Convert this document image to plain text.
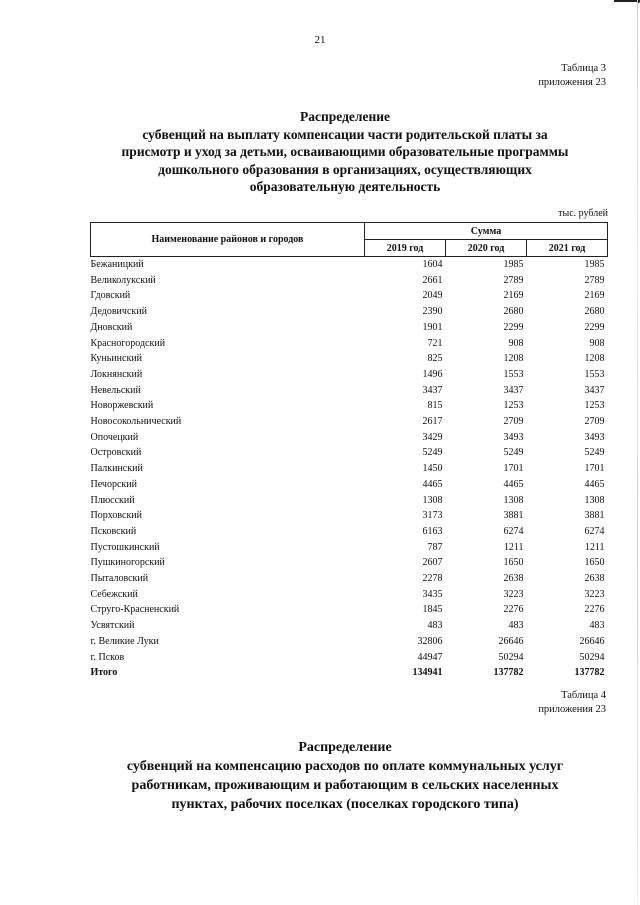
21
Таблица 3
приложения 23
Распределение
субвенций на выплату компенсации части родительской платы за
присмотр и уход за детьми, осваивающими образовательные программы
дошкольного образования в организациях, осуществляющих
образовательную деятельность
тыс. рублей
Наименование районов и городов	Сумма		
	2019 год	2020 год	2021 год
Бежаницкий	1604	1985	1985
Великолукский	2661	2789	2789
Гдовский	2049	2169	2169
Дедовичский	2390	2680	2680
Дновский	1901	2299	2299
Красногородский	721	908	908
Куньинский	825	1208	1208
Локнянский	1496	1553	1553
Невельский	3437	3437	3437
Новоржевский	815	1253	1253
Новосокольнический	2617	2709	2709
Опочецкий	3429	3493	3493
Островский	5249	5249	5249
Палкинский	1450	1701	1701
Печорский	4465	4465	4465
Плюсский	1308	1308	1308
Порховский	3173	3881	3881
Псковский	6163	6274	6274
Пустошкинский	787	1211	1211
Пушкиногорский	2607	1650	1650
Пыталовский	2278	2638	2638
Себежский	3435	3223	3223
Струго-Красненский	1845	2276	2276
Усвятский	483	483	483
г. Великие Луки	32806	26646	26646
г. Псков	44947	50294	50294
Итого	134941	137782	137782
Таблица 4
приложения 23
Распределение
субвенций на компенсацию расходов по оплате коммунальных услуг
работникам, проживающим и работающим в сельских населенных
пунктах, рабочих поселках (поселках городского типа)
